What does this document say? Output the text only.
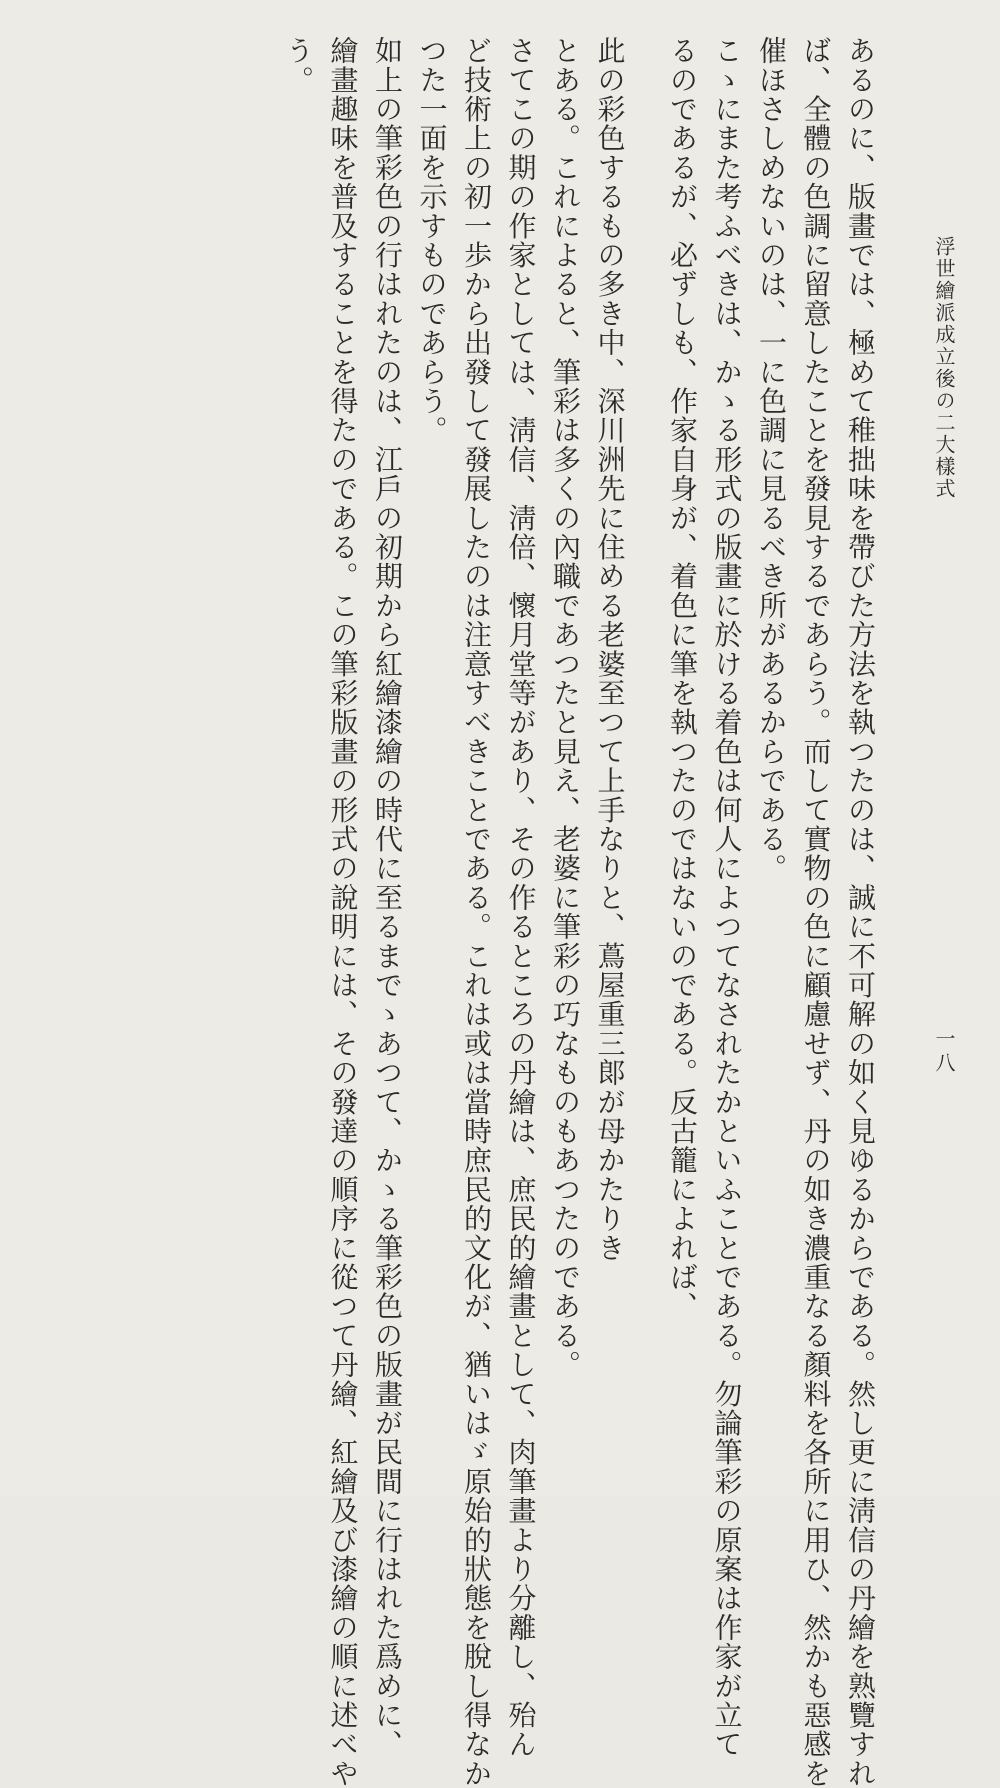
浮世繪派成立後の二大樣式
一八
あるのに、版畫では、極めて稚拙味を帶びた方法を執つたのは、誠に不可解の如く見ゆるからである。然し更に淸信の丹繪を熟覽すれ
ば、全體の色調に留意したことを發見するであらう。而して實物の色に顧慮せず、丹の如き濃重なる顏料を各所に用ひ、然かも惡感を
催ほさしめないのは、一に色調に見るべき所があるからである。
こゝにまた考ふべきは、かゝる形式の版畫に於ける着色は何人によつてなされたかといふことである。勿論筆彩の原案は作家が立て
るのであるが、必ずしも、作家自身が、着色に筆を執つたのではないのである。反古籠によれば、
此の彩色するもの多き中、深川洲先に住める老婆至つて上手なりと、蔦屋重三郞が母かたりき
とある。これによると、筆彩は多くの內職であつたと見え、老婆に筆彩の巧なものもあつたのである。
さてこの期の作家としては、淸信、淸倍、懷月堂等があり、その作るところの丹繪は、庶民的繪畫として、肉筆畫より分離し、殆ん
ど技術上の初一歩から出發して發展したのは注意すべきことである。これは或は當時庶民的文化が、猶いはゞ原始的狀態を脫し得なか
つた一面を示すものであらう。
如上の筆彩色の行はれたのは、江戶の初期から紅繪漆繪の時代に至るまでゝあつて、かゝる筆彩色の版畫が民間に行はれた爲めに、
繪畫趣味を普及することを得たのである。この筆彩版畫の形式の說明には、その發達の順序に從つて丹繪、紅繪及び漆繪の順に述べや
う。
